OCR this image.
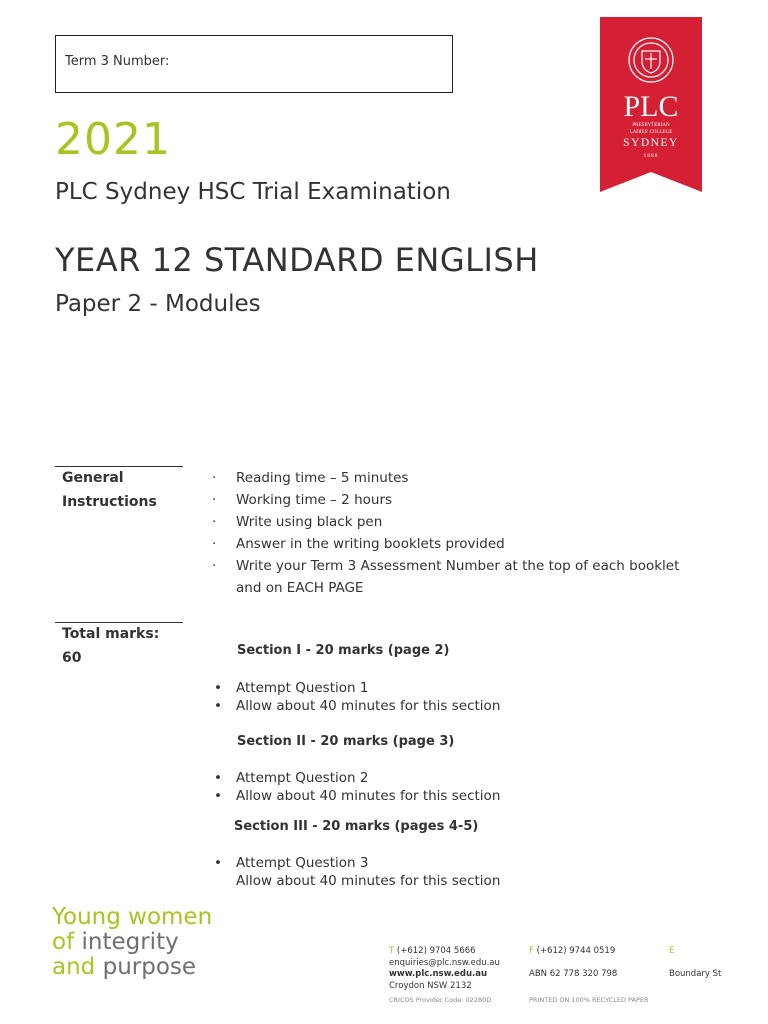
Term 3 Number:
2021
PLC Sydney HSC Trial Examination
YEAR 12 STANDARD ENGLISH
Paper 2 - Modules
PLC
PRESBYTERIAN
LADIES' COLLEGE
SYDNEY
1888
General
Instructions
· Reading time – 5 minutes
· Working time – 2 hours
· Write using black pen
· Answer in the writing booklets provided
· Write your Term 3 Assessment Number at the top of each booklet and on EACH PAGE
Total marks:
60	Section I - 20 marks (page 2)
• Attempt Question 1
• Allow about 40 minutes for this section
Section II - 20 marks (page 3)
• Attempt Question 2
• Allow about 40 minutes for this section
Section III - 20 marks (pages 4-5)
• Attempt Question 3
Allow about 40 minutes for this section
Young women
of integrity
and purpose
T (+612) 9704 5666
enquiries@plc.nsw.edu.au
www.plc.nsw.edu.au
Croydon NSW 2132
CRICOS Provider Code: 02280D
F (+612) 9744 0519
ABN 62 778 320 798
PRINTED ON 100% RECYCLED PAPER
E
Boundary St
